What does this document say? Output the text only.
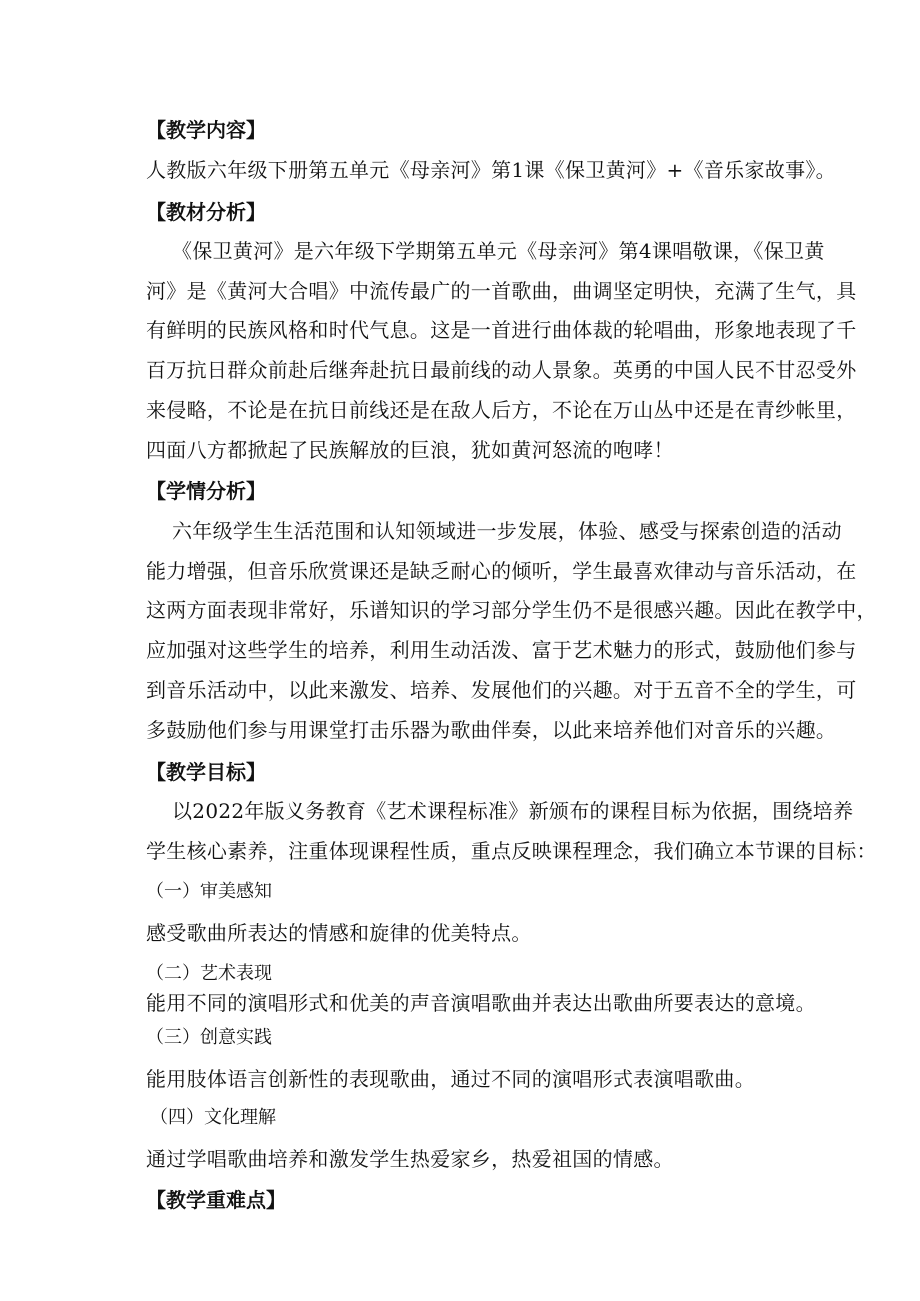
【教学内容】
人教版六年级下册第五单元《母亲河》第1课《保卫黄河》+《音乐家故事》。
【教材分析】
《保卫黄河》是六年级下学期第五单元《母亲河》第4课唱敬课，《保卫黄
河》是《黄河大合唱》中流传最广的一首歌曲，曲调坚定明快，充满了生气，具
有鲜明的民族风格和时代气息。这是一首进行曲体裁的轮唱曲，形象地表现了千
百万抗日群众前赴后继奔赴抗日最前线的动人景象。英勇的中国人民不甘忍受外
来侵略，不论是在抗日前线还是在敌人后方，不论在万山丛中还是在青纱帐里，
四面八方都掀起了民族解放的巨浪，犹如黄河怒流的咆哮！
【学情分析】
六年级学生生活范围和认知领域进一步发展，体验、感受与探索创造的活动
能力增强，但音乐欣赏课还是缺乏耐心的倾听，学生最喜欢律动与音乐活动，在
这两方面表现非常好，乐谱知识的学习部分学生仍不是很感兴趣。因此在教学中，
应加强对这些学生的培养，利用生动活泼、富于艺术魅力的形式，鼓励他们参与
到音乐活动中，以此来激发、培养、发展他们的兴趣。对于五音不全的学生，可
多鼓励他们参与用课堂打击乐器为歌曲伴奏，以此来培养他们对音乐的兴趣。
【教学目标】
以2022年版义务教育《艺术课程标准》新颁布的课程目标为依据，围绕培养
学生核心素养，注重体现课程性质，重点反映课程理念，我们确立本节课的目标：
（一）审美感知
感受歌曲所表达的情感和旋律的优美特点。
（二）艺术表现
能用不同的演唱形式和优美的声音演唱歌曲并表达出歌曲所要表达的意境。
（三）创意实践
能用肢体语言创新性的表现歌曲，通过不同的演唱形式表演唱歌曲。
（四）文化理解
通过学唱歌曲培养和激发学生热爱家乡，热爱祖国的情感。
【教学重难点】
